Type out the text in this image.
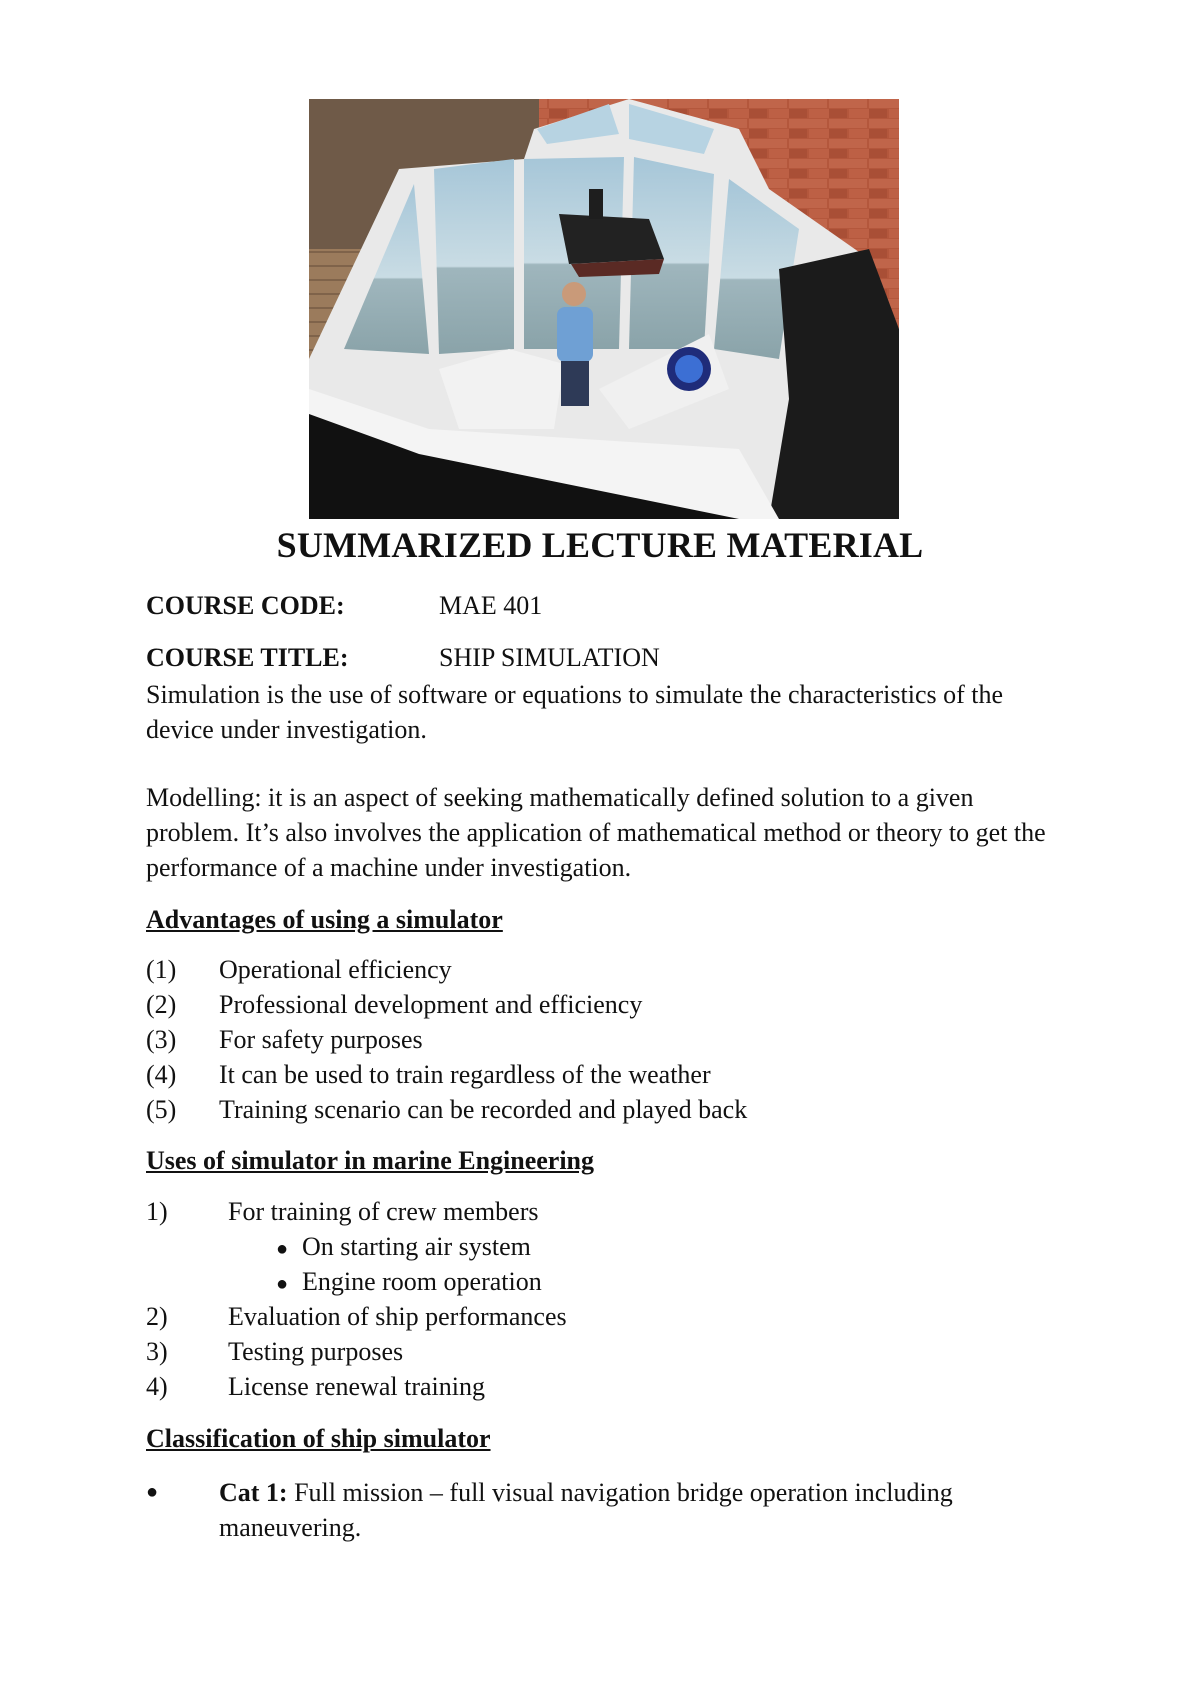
SUMMARIZED LECTURE MATERIAL
COURSE CODE:	MAE 401
COURSE TITLE:	SHIP SIMULATION

Simulation is the use of software or equations to simulate the characteristics of the device under investigation.

Modelling: it is an aspect of seeking mathematically defined solution to a given problem. It’s also involves the application of mathematical method or theory to get the performance of a machine under investigation.

Advantages of using a simulator
(1) Operational efficiency
(2) Professional development and efficiency
(3) For safety purposes
(4) It can be used to train regardless of the weather
(5) Training scenario can be recorded and played back
Uses of simulator in marine Engineering
1) For training of crew members
● On starting air system
● Engine room operation
2) Evaluation of ship performances
3) Testing purposes
4) License renewal training
Classification of ship simulator
●	Cat 1: Full mission – full visual navigation bridge operation including maneuvering.
